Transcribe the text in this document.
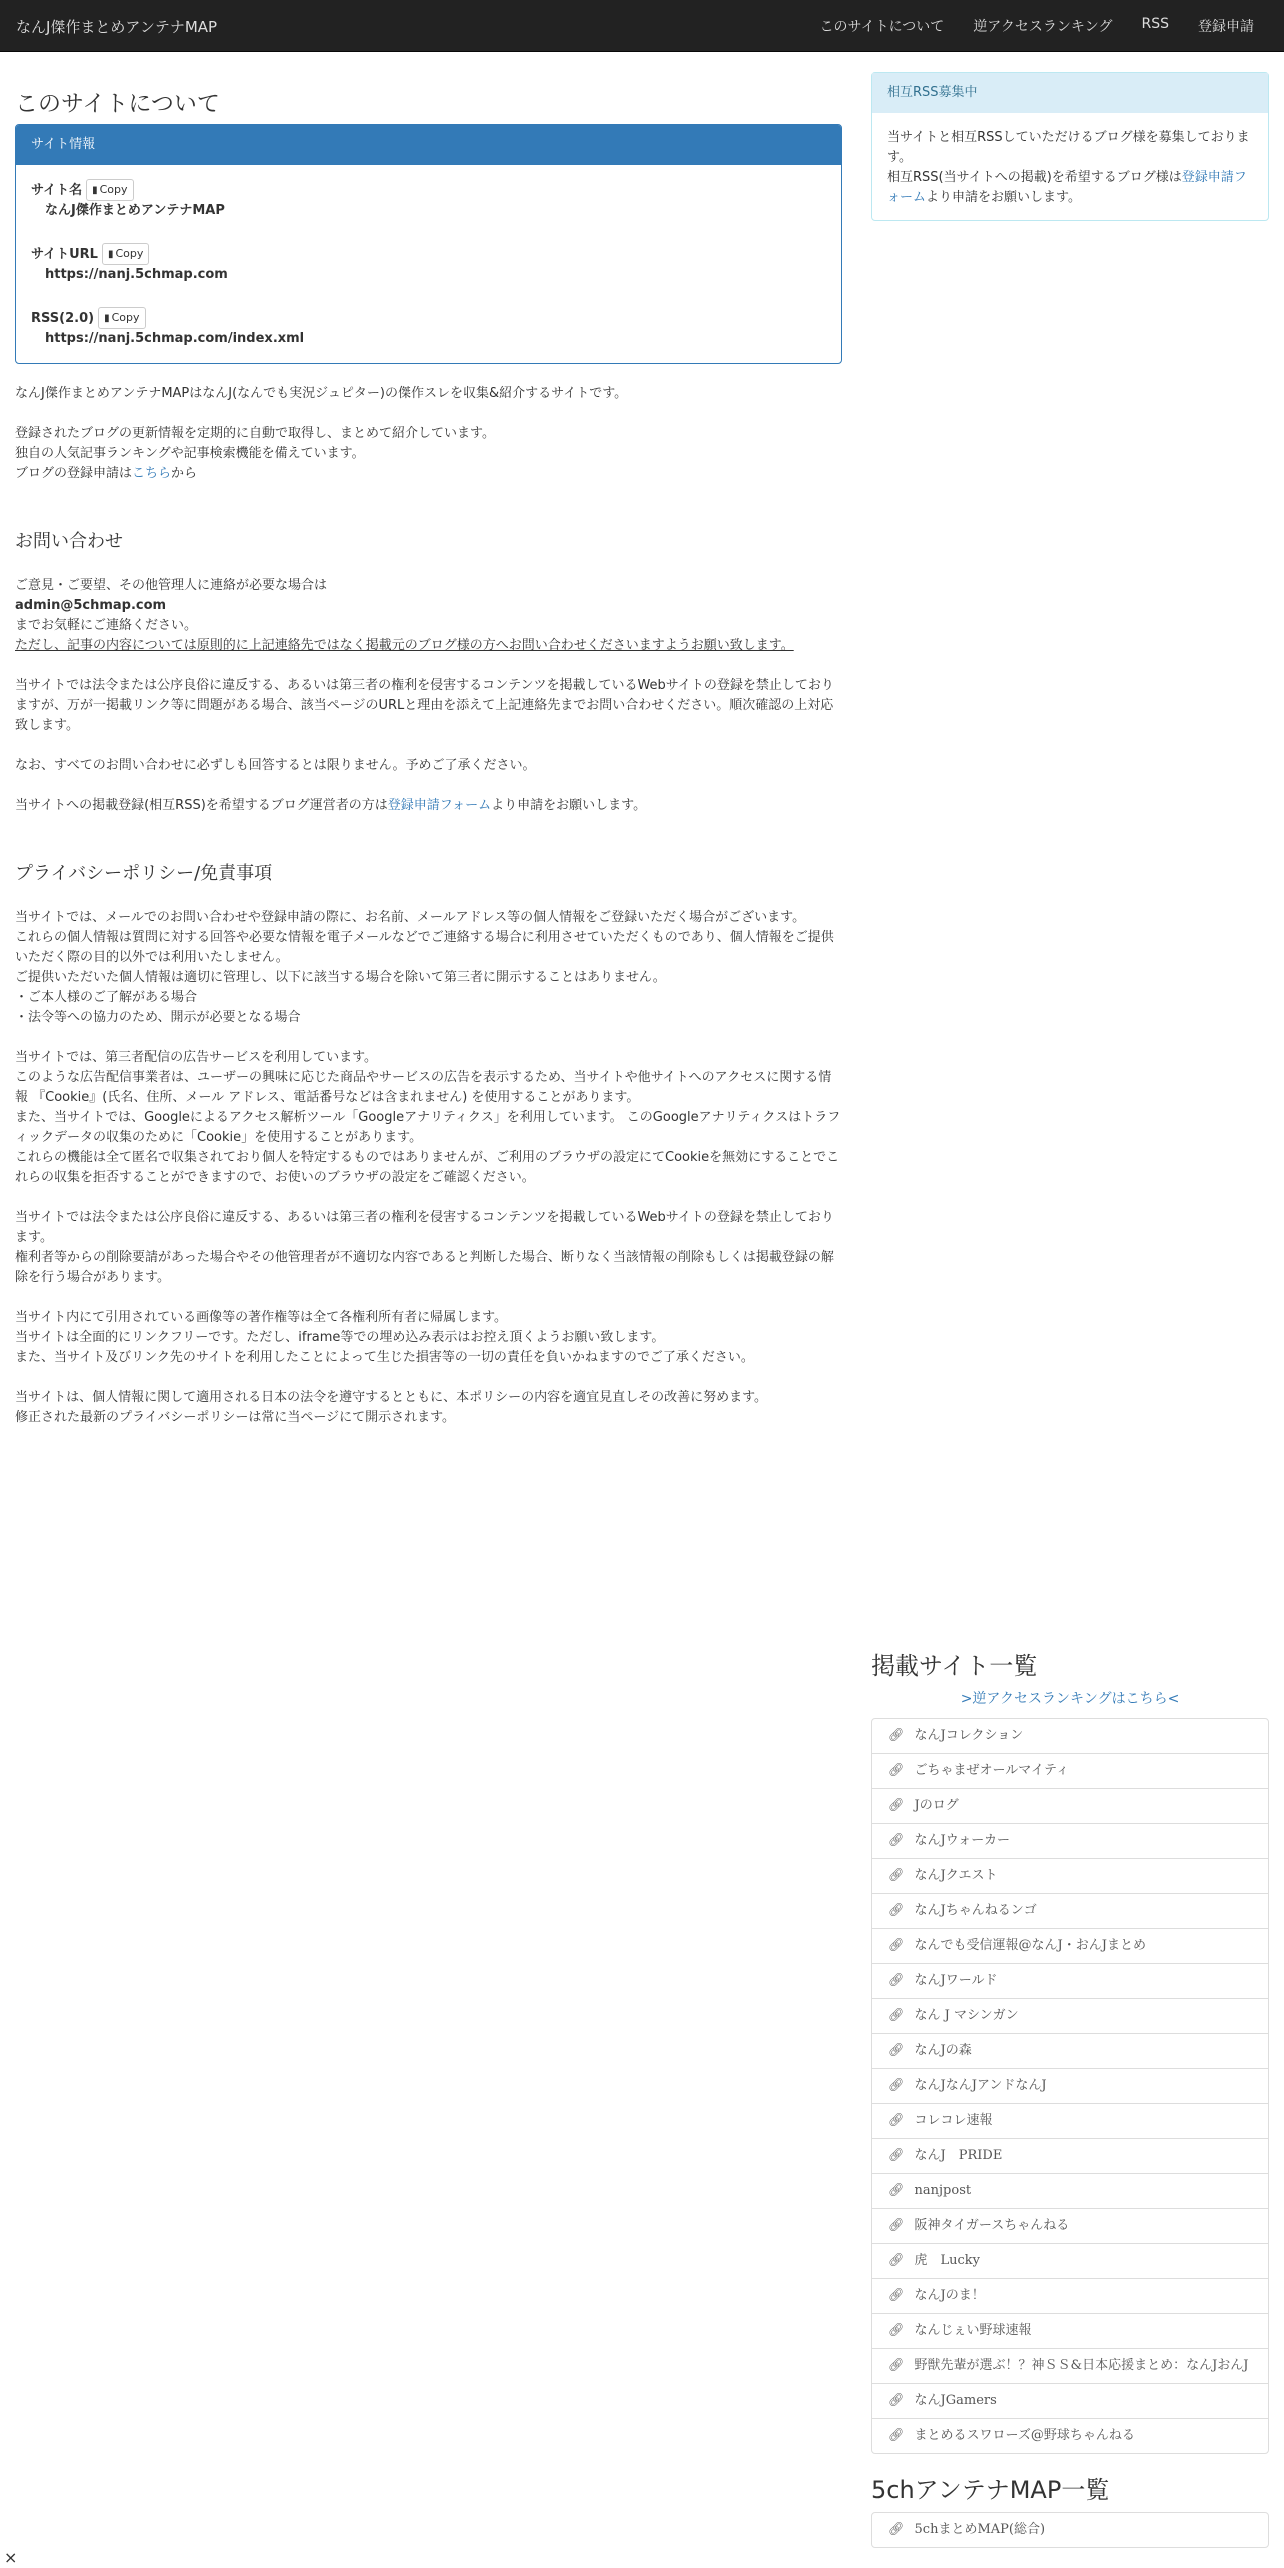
なんJ傑作まとめアンテナMAP	このサイトについて 逆アクセスランキング RSS 登録申請
このサイトについて
サイト情報
サイト名 ▮ Copy
なんJ傑作まとめアンテナMAP
サイトURL ▮ Copy
https://nanj.5chmap.com
RSS(2.0) ▮ Copy
https://nanj.5chmap.com/index.xml
なんJ傑作まとめアンテナMAPはなんJ(なんでも実況ジュピター)の傑作スレを収集&紹介するサイトです。
登録されたブログの更新情報を定期的に自動で取得し、まとめて紹介しています。
独自の人気記事ランキングや記事検索機能を備えています。
ブログの登録申請はこちらから
お問い合わせ
ご意見・ご要望、その他管理人に連絡が必要な場合は
admin@5chmap.com
までお気軽にご連絡ください。
ただし、記事の内容については原則的に上記連絡先ではなく掲載元のブログ様の方へお問い合わせくださいますようお願い致します。
当サイトでは法令または公序良俗に違反する、あるいは第三者の権利を侵害するコンテンツを掲載しているWebサイトの登録を禁止しておりますが、万が一掲載リンク等に問題がある場合、該当ページのURLと理由を添えて上記連絡先までお問い合わせください。順次確認の上対応致します。
なお、すべてのお問い合わせに必ずしも回答するとは限りません。予めご了承ください。
当サイトへの掲載登録(相互RSS)を希望するブログ運営者の方は登録申請フォームより申請をお願いします。
プライバシーポリシー/免責事項
当サイトでは、メールでのお問い合わせや登録申請の際に、お名前、メールアドレス等の個人情報をご登録いただく場合がございます。
これらの個人情報は質問に対する回答や必要な情報を電子メールなどでご連絡する場合に利用させていただくものであり、個人情報をご提供いただく際の目的以外では利用いたしません。
ご提供いただいた個人情報は適切に管理し、以下に該当する場合を除いて第三者に開示することはありません。
・ご本人様のご了解がある場合
・法令等への協力のため、開示が必要となる場合
当サイトでは、第三者配信の広告サービスを利用しています。
このような広告配信事業者は、ユーザーの興味に応じた商品やサービスの広告を表示するため、当サイトや他サイトへのアクセスに関する情報 『Cookie』(氏名、住所、メール アドレス、電話番号などは含まれません) を使用することがあります。
また、当サイトでは、Googleによるアクセス解析ツール「Googleアナリティクス」を利用しています。 このGoogleアナリティクスはトラフィックデータの収集のために「Cookie」を使用することがあります。
これらの機能は全て匿名で収集されており個人を特定するものではありませんが、ご利用のブラウザの設定にてCookieを無効にすることでこれらの収集を拒否することができますので、お使いのブラウザの設定をご確認ください。
当サイトでは法令または公序良俗に違反する、あるいは第三者の権利を侵害するコンテンツを掲載しているWebサイトの登録を禁止しております。
権利者等からの削除要請があった場合やその他管理者が不適切な内容であると判断した場合、断りなく当該情報の削除もしくは掲載登録の解除を行う場合があります。
当サイト内にて引用されている画像等の著作権等は全て各権利所有者に帰属します。
当サイトは全面的にリンクフリーです。ただし、iframe等での埋め込み表示はお控え頂くようお願い致します。
また、当サイト及びリンク先のサイトを利用したことによって生じた損害等の一切の責任を負いかねますのでご了承ください。
当サイトは、個人情報に関して適用される日本の法令を遵守するとともに、本ポリシーの内容を適宜見直しその改善に努めます。
修正された最新のプライバシーポリシーは常に当ページにて開示されます。
相互RSS募集中
当サイトと相互RSSしていただけるブログ様を募集しております。
相互RSS(当サイトへの掲載)を希望するブログ様は登録申請フォームより申請をお願いします。
掲載サイト一覧
>逆アクセスランキングはこちら<
🔗︎ なんJコレクション
🔗︎ ごちゃまぜオールマイティ
🔗︎ Jのログ
🔗︎ なんJウォーカー
🔗︎ なんJクエスト
🔗︎ なんJちゃんねるンゴ
🔗︎ なんでも受信運報@なんJ・おんJまとめ
🔗︎ なんJワールド
🔗︎ なん J マシンガン
🔗︎ なんJの森
🔗︎ なんJなんJアンドなんJ
🔗︎ コレコレ速報
🔗︎ なんJ　PRIDE
🔗︎ nanjpost
🔗︎ 阪神タイガースちゃんねる
🔗︎ 虎　Lucky
🔗︎ なんJのま！
🔗︎ なんじぇい野球速報
🔗︎ 野獣先輩が選ぶ！？神ＳＳ&日本応援まとめ：なんJおんJ
🔗︎ なんJGamers
🔗︎ まとめるスワローズ@野球ちゃんねる
5chアンテナMAP一覧
🔗︎ 5chまとめMAP(総合)
×
